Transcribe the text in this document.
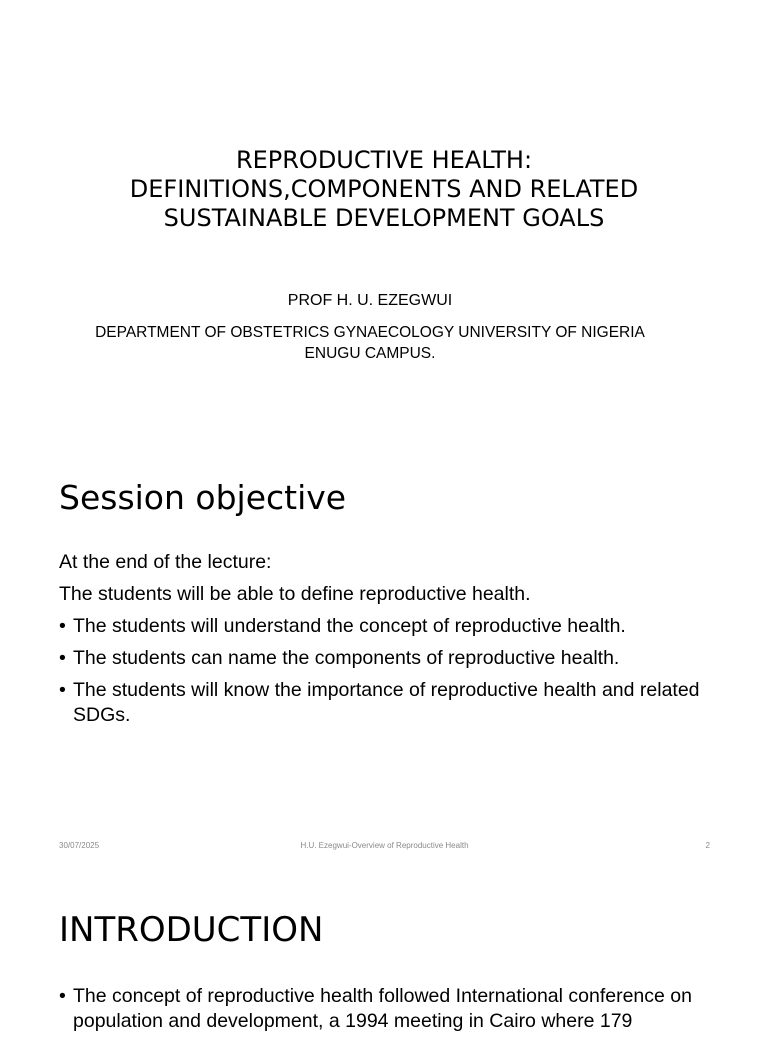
REPRODUCTIVE HEALTH: DEFINITIONS,COMPONENTS AND RELATED SUSTAINABLE DEVELOPMENT GOALS

PROF H. U. EZEGWUI

DEPARTMENT OF OBSTETRICS GYNAECOLOGY UNIVERSITY OF NIGERIA ENUGU CAMPUS.

Session objective

At the end of the lecture:

The students will be able to define reproductive health.

• The students will understand the concept of reproductive health.
• The students can name the components of reproductive health.
• The students will know the importance of reproductive health and related SDGs.
30/07/2025	H.U. Ezegwui-Overview of Reproductive Health	2
INTRODUCTION
• The concept of reproductive health followed International conference on population and development, a 1994 meeting in Cairo where 179
